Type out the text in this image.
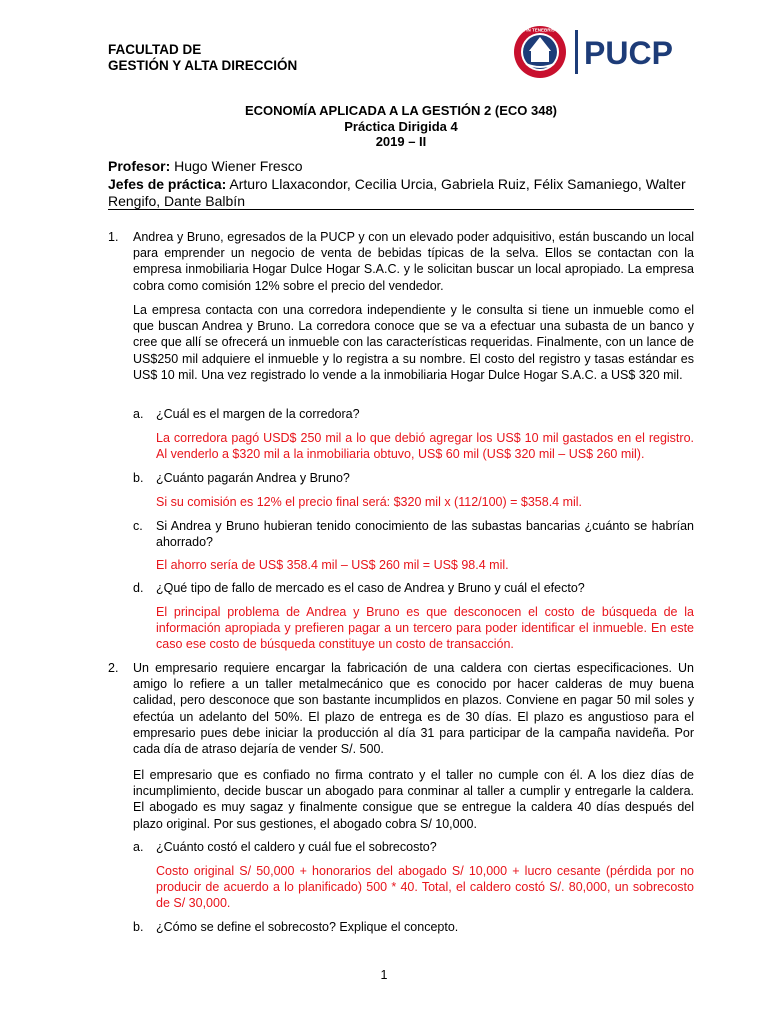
FACULTAD DE
GESTIÓN Y ALTA DIRECCIÓN
ET LUX IN TENEBRIS LUCET
PUCP
ECONOMÍA APLICADA A LA GESTIÓN 2 (ECO 348)
Práctica Dirigida 4
2019 – II
Profesor: Hugo Wiener Fresco
Jefes de práctica: Arturo Llaxacondor, Cecilia Urcia, Gabriela Ruiz, Félix Samaniego, Walter Rengifo, Dante Balbín
1. Andrea y Bruno, egresados de la PUCP y con un elevado poder adquisitivo, están buscando un local para emprender un negocio de venta de bebidas típicas de la selva. Ellos se contactan con la empresa inmobiliaria Hogar Dulce Hogar S.A.C. y le solicitan buscar un local apropiado. La empresa cobra como comisión 12% sobre el precio del vendedor.
La empresa contacta con una corredora independiente y le consulta si tiene un inmueble como el que buscan Andrea y Bruno. La corredora conoce que se va a efectuar una subasta de un banco y cree que allí se ofrecerá un inmueble con las características requeridas. Finalmente, con un lance de US$250 mil adquiere el inmueble y lo registra a su nombre. El costo del registro y tasas estándar es US$ 10 mil. Una vez registrado lo vende a la inmobiliaria Hogar Dulce Hogar S.A.C. a US$ 320 mil.
a. ¿Cuál es el margen de la corredora?
La corredora pagó USD$ 250 mil a lo que debió agregar los US$ 10 mil gastados en el registro. Al venderlo a $320 mil a la inmobiliaria obtuvo, US$ 60 mil (US$ 320 mil – US$ 260 mil).
b. ¿Cuánto pagarán Andrea y Bruno?
Si su comisión es 12% el precio final será: $320 mil x (112/100) = $358.4 mil.
c. Si Andrea y Bruno hubieran tenido conocimiento de las subastas bancarias ¿cuánto se habrían ahorrado?
El ahorro sería de US$ 358.4 mil – US$ 260 mil = US$ 98.4 mil.
d. ¿Qué tipo de fallo de mercado es el caso de Andrea y Bruno y cuál el efecto?
El principal problema de Andrea y Bruno es que desconocen el costo de búsqueda de la información apropiada y prefieren pagar a un tercero para poder identificar el inmueble. En este caso ese costo de búsqueda constituye un costo de transacción.
2. Un empresario requiere encargar la fabricación de una caldera con ciertas especificaciones. Un amigo lo refiere a un taller metalmecánico que es conocido por hacer calderas de muy buena calidad, pero desconoce que son bastante incumplidos en plazos. Conviene en pagar 50 mil soles y efectúa un adelanto del 50%. El plazo de entrega es de 30 días. El plazo es angustioso para el empresario pues debe iniciar la producción al día 31 para participar de la campaña navideña. Por cada día de atraso dejaría de vender S/. 500.
El empresario que es confiado no firma contrato y el taller no cumple con él. A los diez días de incumplimiento, decide buscar un abogado para conminar al taller a cumplir y entregarle la caldera. El abogado es muy sagaz y finalmente consigue que se entregue la caldera 40 días después del plazo original. Por sus gestiones, el abogado cobra S/ 10,000.
a. ¿Cuánto costó el caldero y cuál fue el sobrecosto?
Costo original S/ 50,000 + honorarios del abogado S/ 10,000 + lucro cesante (pérdida por no producir de acuerdo a lo planificado) 500 * 40. Total, el caldero costó S/. 80,000, un sobrecosto de S/ 30,000.
b. ¿Cómo se define el sobrecosto? Explique el concepto.
1
